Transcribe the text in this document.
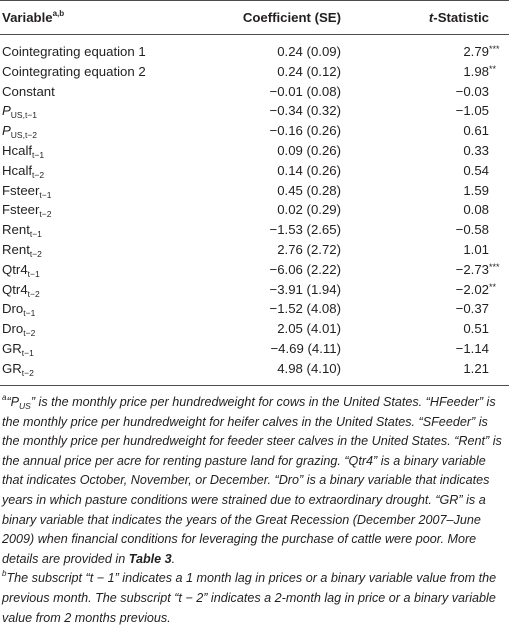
Variable$^{a,b}$	Coefficient (SE)	t-Statistic
Cointegrating equation 1	0.24 (0.09)	2.79***
Cointegrating equation 2	0.24 (0.12)	1.98**
Constant	−0.01 (0.08)	−0.03
$P_{US,t-1}$	−0.34 (0.32)	−1.05
$P_{US,t-2}$	−0.16 (0.26)	0.61
Hcalf$_{t-1}$	0.09 (0.26)	0.33
Hcalf$_{t-2}$	0.14 (0.26)	0.54
Fsteer$_{t-1}$	0.45 (0.28)	1.59
Fsteer$_{t-2}$	0.02 (0.29)	0.08
Rent$_{t-1}$	−1.53 (2.65)	−0.58
Rent$_{t-2}$	2.76 (2.72)	1.01
$Qtr4_{t-1}$	−6.06 (2.22)	−2.73***
$Qtr4_{t-2}$	−3.91 (1.94)	−2.02**
Dro$_{t-1}$	−1.52 (4.08)	−0.37
Dro$_{t-2}$	2.05 (4.01)	0.51
$GR_{t-1}$	−4.69 (4.11)	−1.14
$GR_{t-2}$	4.98 (4.10)	1.21

$^a“P_{US}$” is the monthly price per hundredweight for cows in the United States. “HFeeder” is the monthly price per hundredweight for heifer calves in the United States. “SFeeder” is the monthly price per hundredweight for feeder steer calves in the United States. “Rent” is the annual price per acre for renting pasture land for grazing. “Qtr4” is a binary variable that indicates October, November, or December. “Dro” is a binary variable that indicates years in which pasture conditions were strained due to extraordinary drought. “GR” is a binary variable that indicates the years of the Great Recession (December 2007–June 2009) when financial conditions for leveraging the purchase of cattle were poor. More details are provided in Table 3.

$^b$The subscript “t − 1” indicates a 1 month lag in prices or a binary variable value from the previous month. The subscript “t − 2” indicates a 2-month lag in price or a binary variable value from 2 months previous.
